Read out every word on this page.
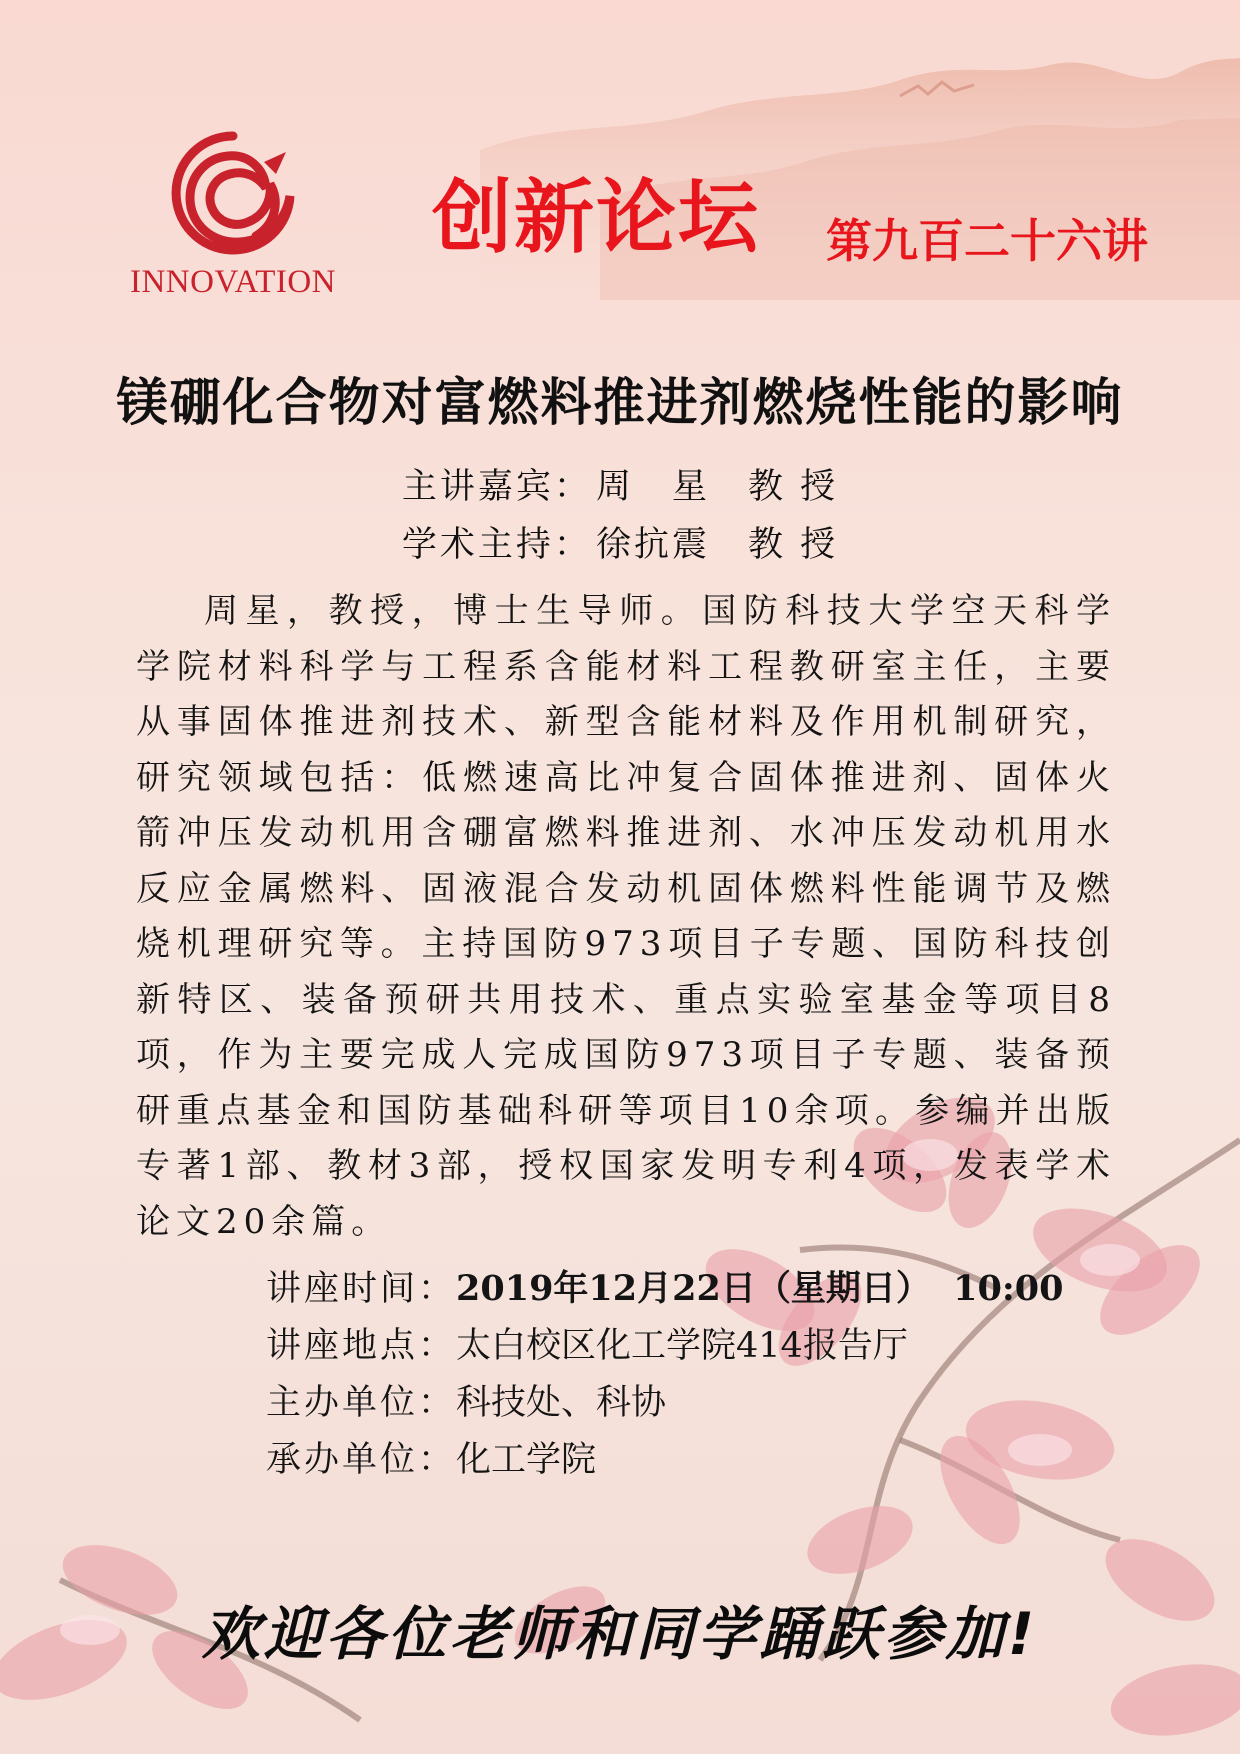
INNOVATION
创新论坛 第九百二十六讲
镁硼化合物对富燃料推进剂燃烧性能的影响
主讲嘉宾： 周　星　教 授
学术主持： 徐抗震　教 授
周星，教授，博士生导师。国防科技大学空天科学学院材料科学与工程系含能材料工程教研室主任，主要从事固体推进剂技术、新型含能材料及作用机制研究，研究领域包括：低燃速高比冲复合固体推进剂、固体火箭冲压发动机用含硼富燃料推进剂、水冲压发动机用水反应金属燃料、固液混合发动机固体燃料性能调节及燃烧机理研究等。主持国防973项目子专题、国防科技创新特区、装备预研共用技术、重点实验室基金等项目8项，作为主要完成人完成国防973项目子专题、装备预研重点基金和国防基础科研等项目10余项。参编并出版专著1部、教材3部，授权国家发明专利4项，发表学术论文20余篇。
讲座时间：2019年12月22日（星期日） 10:00
讲座地点：太白校区化工学院414报告厅
主办单位：科技处、科协
承办单位：化工学院
欢迎各位老师和同学踊跃参加!
